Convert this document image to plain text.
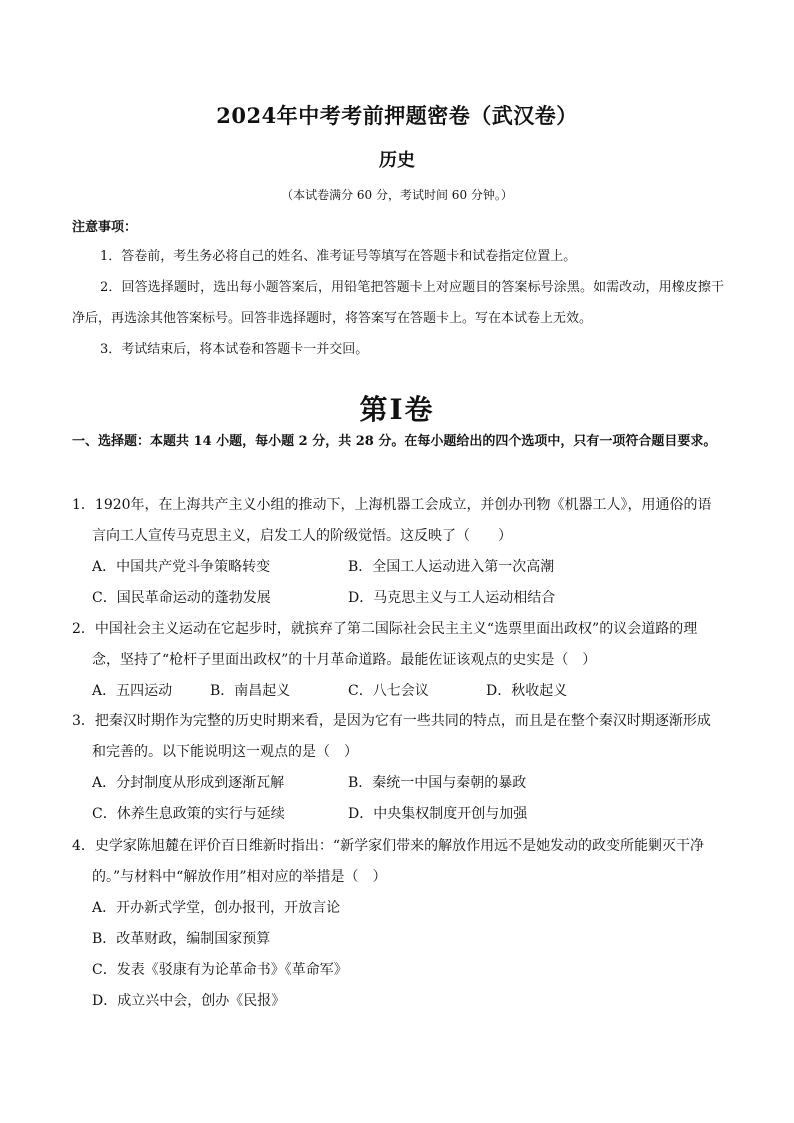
2024年中考考前押题密卷（武汉卷）
历史
（本试卷满分 60 分，考试时间 60 分钟。）
注意事项：
1．答卷前，考生务必将自己的姓名、准考证号等填写在答题卡和试卷指定位置上。
2．回答选择题时，选出每小题答案后，用铅笔把答题卡上对应题目的答案标号涂黑。如需改动，用橡皮擦干净后，再选涂其他答案标号。回答非选择题时，将答案写在答题卡上。写在本试卷上无效。
3．考试结束后，将本试卷和答题卡一并交回。
第Ⅰ卷
一、选择题：本题共 14 小题，每小题 2 分，共 28 分。在每小题给出的四个选项中，只有一项符合题目要求。
1．1920年，在上海共产主义小组的推动下，上海机器工会成立，并创办刊物《机器工人》，用通俗的语言向工人宣传马克思主义，启发工人的阶级觉悟。这反映了（　　）
A．中国共产党斗争策略转变	B．全国工人运动进入第一次高潮
C．国民革命运动的蓬勃发展	D．马克思主义与工人运动相结合
2．中国社会主义运动在它起步时，就摈弃了第二国际社会民主主义“选票里面出政权”的议会道路的理念，坚持了“枪杆子里面出政权”的十月革命道路。最能佐证该观点的史实是（　）
A．五四运动	B．南昌起义	C．八七会议	D．秋收起义
3．把秦汉时期作为完整的历史时期来看，是因为它有一些共同的特点，而且是在整个秦汉时期逐渐形成和完善的。以下能说明这一观点的是（　）
A．分封制度从形成到逐渐瓦解	B．秦统一中国与秦朝的暴政
C．休养生息政策的实行与延续	D．中央集权制度开创与加强
4．史学家陈旭麓在评价百日维新时指出：“新学家们带来的解放作用远不是她发动的政变所能剿灭干净的。”与材料中“解放作用”相对应的举措是（　）
A．开办新式学堂，创办报刊，开放言论
B．改革财政，编制国家预算
C．发表《驳康有为论革命书》《革命军》
D．成立兴中会，创办《民报》
